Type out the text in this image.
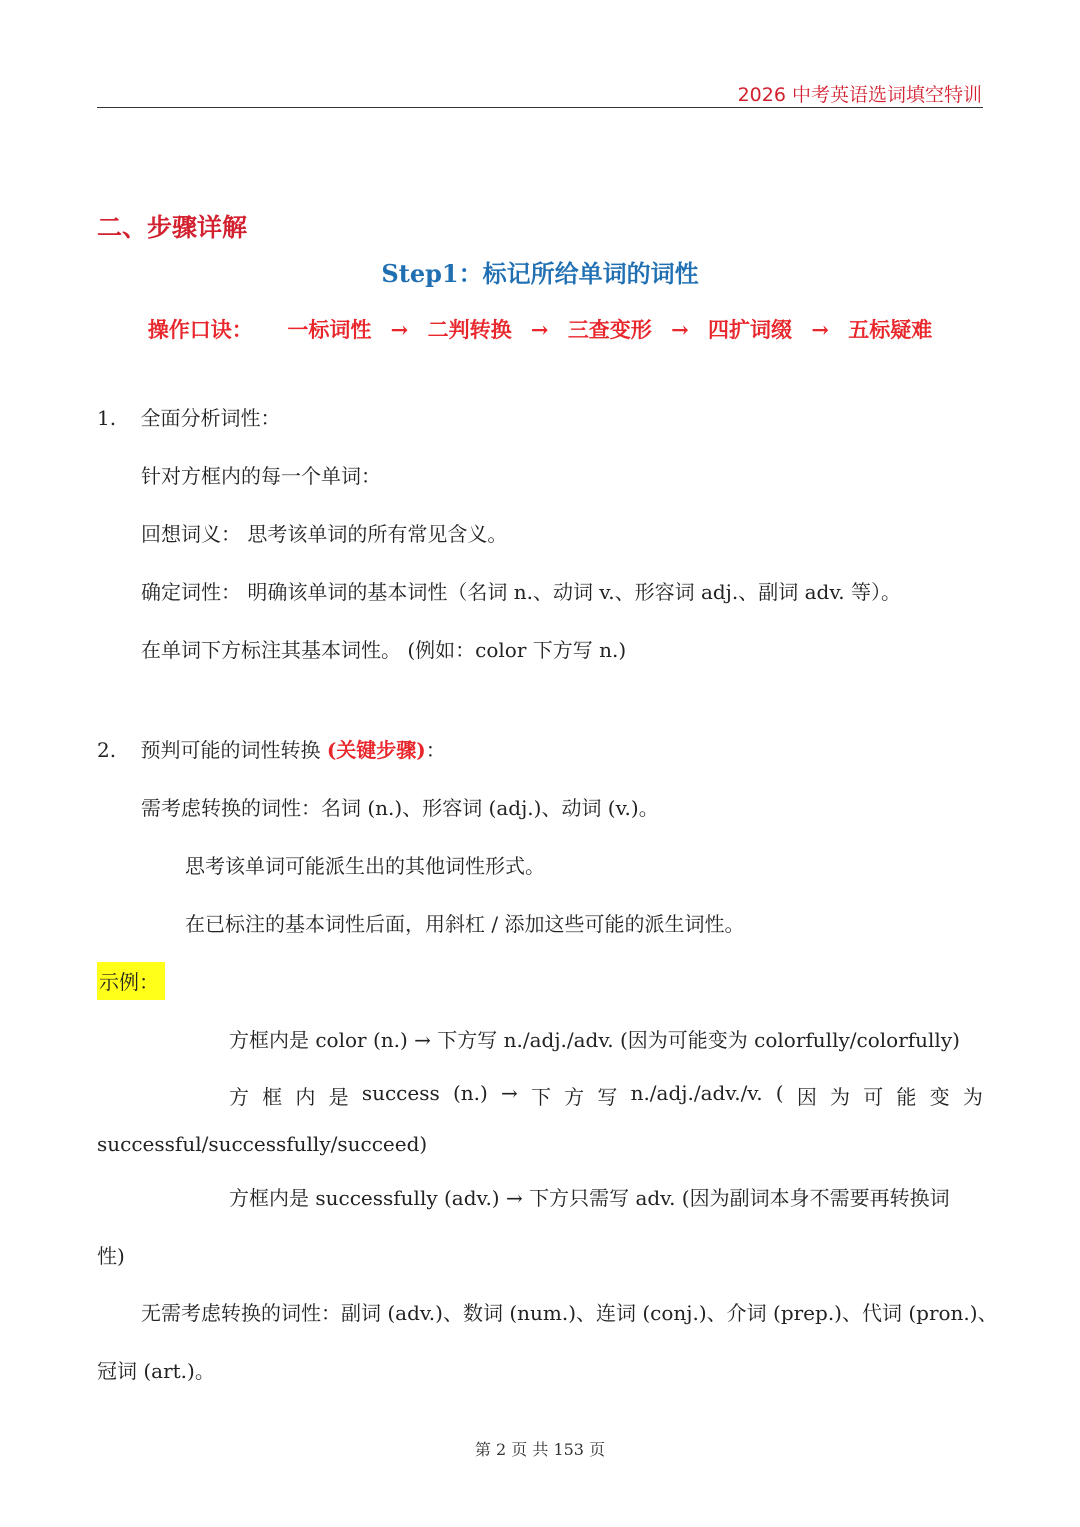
2026 中考英语选词填空特训
二、步骤详解
Step1：标记所给单词的词性
操作口诀： 一标词性 → 二判转换 → 三查变形 → 四扩词缀 → 五标疑难
1. 全面分析词性：
针对方框内的每一个单词：
回想词义： 思考该单词的所有常见含义。
确定词性： 明确该单词的基本词性（名词 n.、动词 v.、形容词 adj.、副词 adv. 等）。
在单词下方标注其基本词性。 (例如：color 下方写 n.)
2. 预判可能的词性转换 (关键步骤)：
需考虑转换的词性：名词 (n.)、形容词 (adj.)、动词 (v.)。
思考该单词可能派生出的其他词性形式。
在已标注的基本词性后面，用斜杠 / 添加这些可能的派生词性。
示例：
方框内是 color (n.) → 下方写 n./adj./adv. (因为可能变为 colorfully/colorfully)
方 框 内 是 success (n.) → 下 方 写 n./adj./adv./v. ( 因 为 可 能 变 为
successful/successfully/succeed)
方框内是 successfully (adv.) → 下方只需写 adv. (因为副词本身不需要再转换词
性)
无需考虑转换的词性：副词 (adv.)、数词 (num.)、连词 (conj.)、介词 (prep.)、代词 (pron.)、
冠词 (art.)。
第 2 页 共 153 页
